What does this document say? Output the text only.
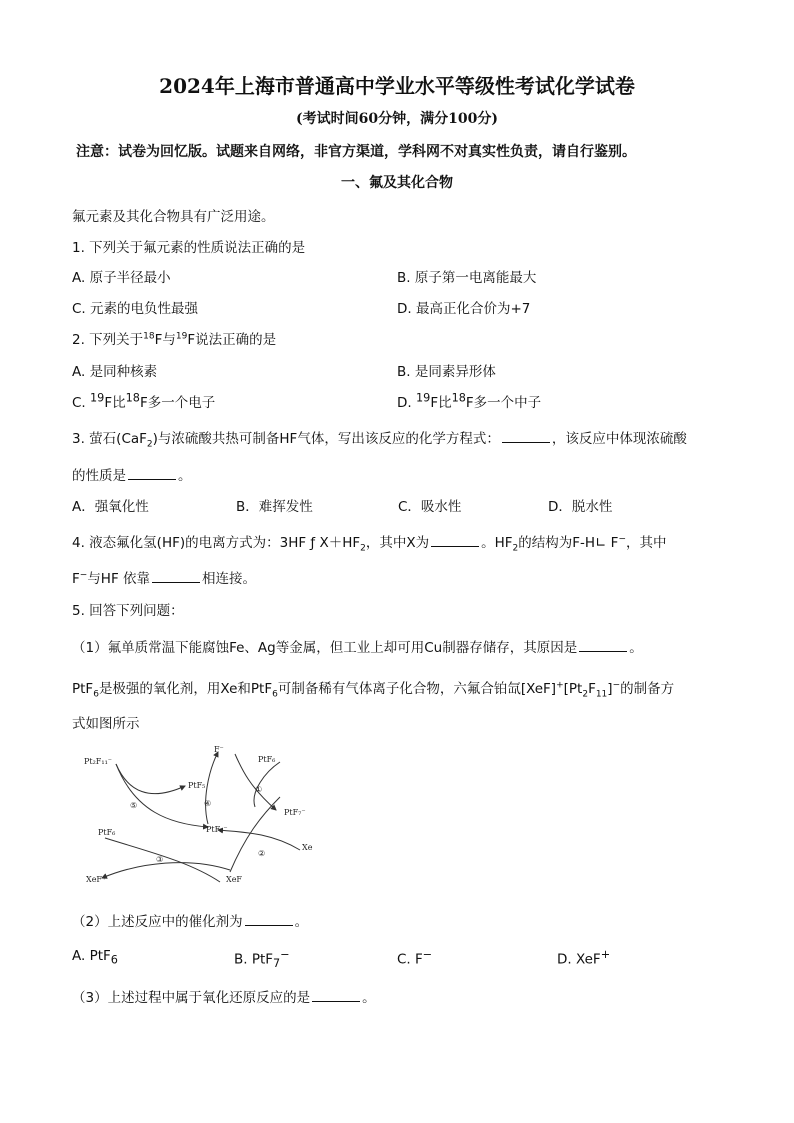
2024年上海市普通高中学业水平等级性考试化学试卷
(考试时间60分钟，满分100分)
注意：试卷为回忆版。试题来自网络，非官方渠道，学科网不对真实性负责，请自行鉴别。
一、氟及其化合物
氟元素及其化合物具有广泛用途。
1. 下列关于氟元素的性质说法正确的是
A. 原子半径最小	B. 原子第一电离能最大
C. 元素的电负性最强	D. 最高正化合价为+7
2. 下列关于$^{18}$F与$^{19}$F说法正确的是
A. 是同种核素	B. 是同素异形体
C. $^{19}$F比$^{18}$F多一个电子	D. $^{19}$F比$^{18}$F多一个中子
3. 萤石(CaF$_2$)与浓硫酸共热可制备HF气体，写出该反应的化学方程式：	，该反应中体现浓硫酸
的性质是	。
A．强氧化性	B．难挥发性	C．吸水性	D．脱水性
4. 液态氟化氢(HF)的电离方式为：3HF ƒ $X+HF_2$，其中X为	。$HF_2$的结构为F-H∟ F−，其中
F−与HF 依靠	相连接。
5. 回答下列问题：
（1）氟单质常温下能腐蚀Fe、Ag等金属，但工业上却可用Cu制器存储存，其原因是	。
PtF$_6$是极强的氧化剂，用Xe和PtF$_6$可制备稀有气体离子化合物，六氟合铂氙$[XeF]^+[Pt_2F_{11}]^-$的制备方
式如图所示
Pt₂F₁₁⁻
PtF₅
F⁻
PtF₆
PtF₇⁻
PtF₆	PtF₆⁻
Xe
XeF⁺	XeF
①
②
③
④
⑤
（2）上述反应中的催化剂为	。
A. PtF$_6$	B. PtF$_7$−	C. F−	D. XeF+
（3）上述过程中属于氧化还原反应的是	。
